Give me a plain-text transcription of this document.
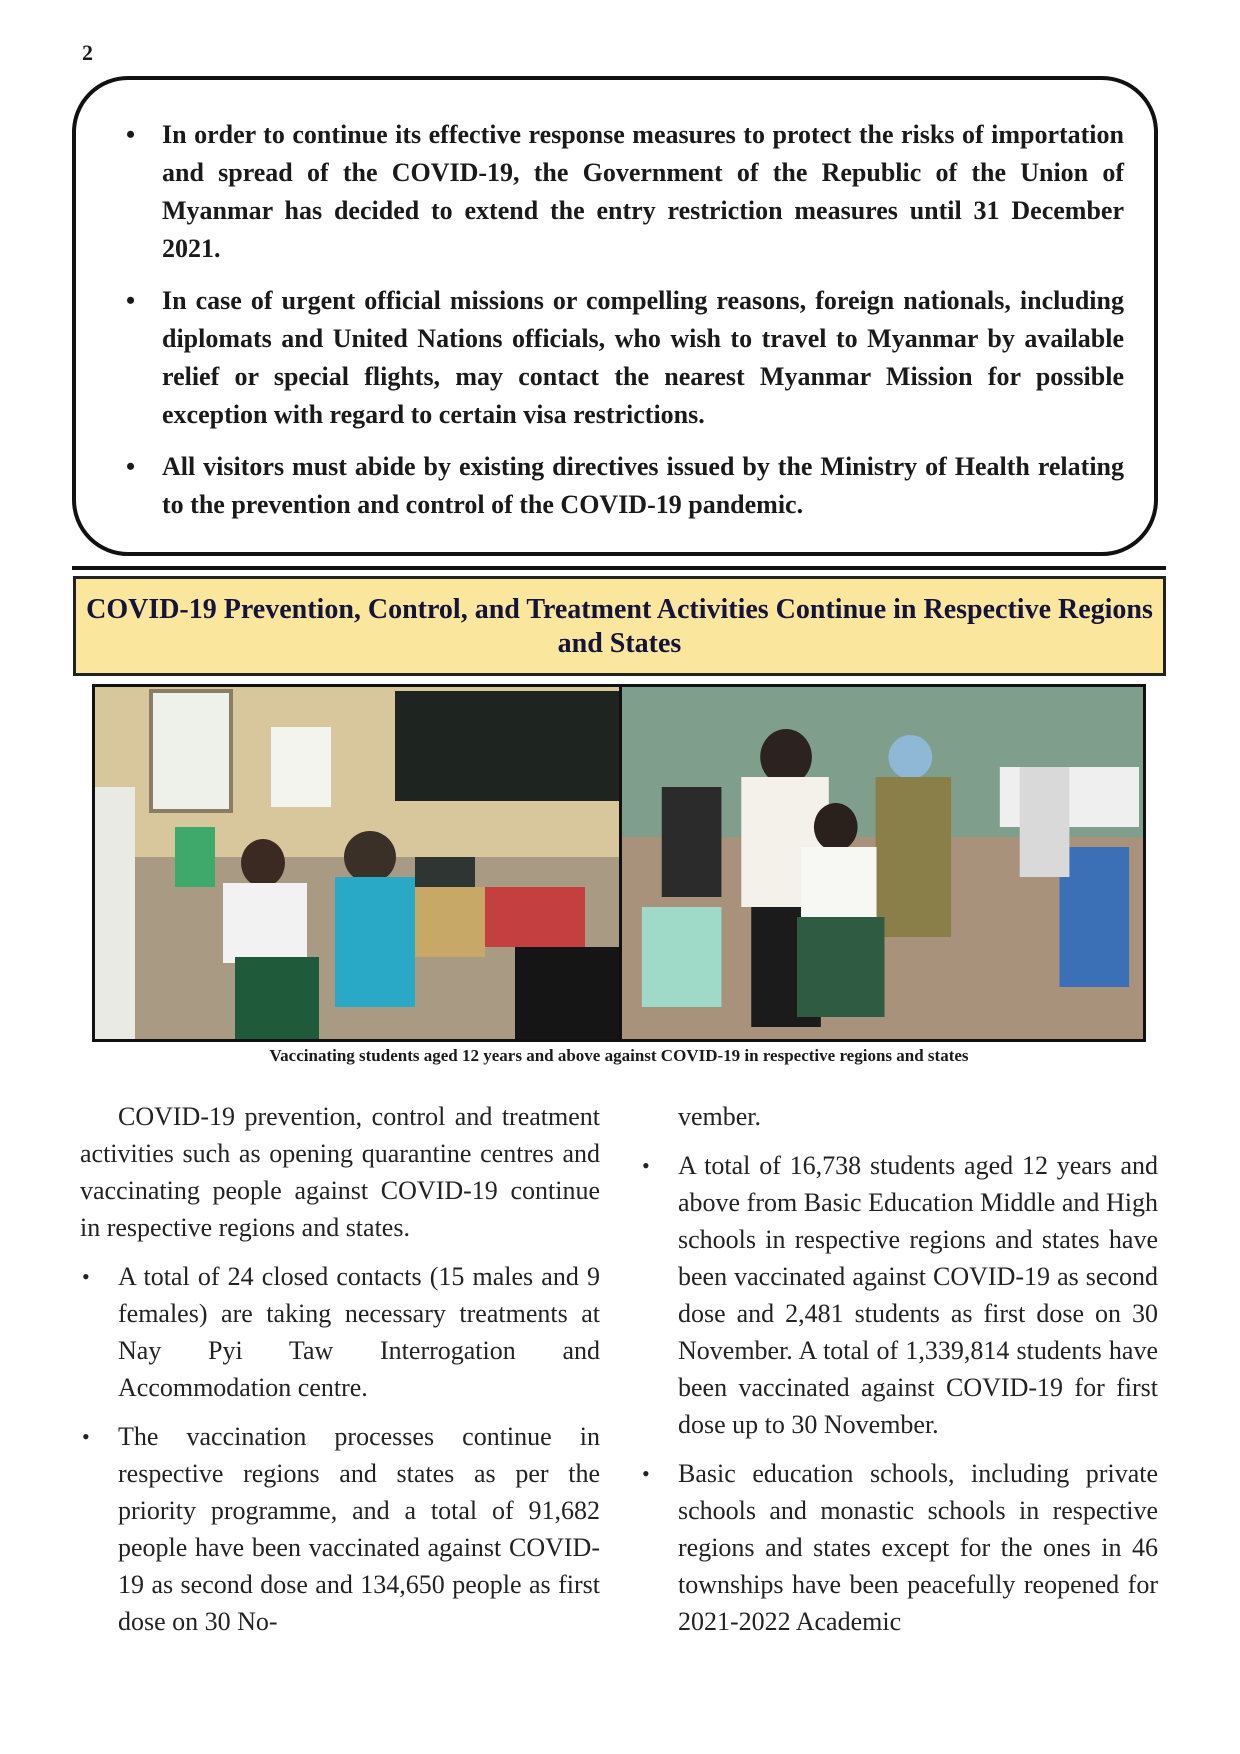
2
• In order to continue its effective response measures to protect the risks of importation and spread of the COVID-19, the Government of the Republic of the Union of Myanmar has decided to extend the entry restriction measures until 31 December 2021.
• In case of urgent official missions or compelling reasons, foreign nationals, including diplomats and United Nations officials, who wish to travel to Myanmar by available relief or special flights, may contact the nearest Myanmar Mission for possible exception with regard to certain visa restrictions.
• All visitors must abide by existing directives issued by the Ministry of Health relating to the prevention and control of the COVID-19 pandemic.
COVID-19 Prevention, Control, and Treatment Activities Continue in Respective Regions and States
Vaccinating students aged 12 years and above against COVID-19 in respective regions and states

COVID-19 prevention, control and treatment activities such as opening quarantine centres and vaccinating people against COVID-19 continue in respective regions and states.

• A total of 24 closed contacts (15 males and 9 females) are taking necessary treatments at Nay Pyi Taw Interrogation and Accommodation centre.
• The vaccination processes continue in respective regions and states as per the priority programme, and a total of 91,682 people have been vaccinated against COVID-19 as second dose and 134,650 people as first dose on 30 No-

vember.

• A total of 16,738 students aged 12 years and above from Basic Education Middle and High schools in respective regions and states have been vaccinated against COVID-19 as second dose and 2,481 students as first dose on 30 November. A total of 1,339,814 students have been vaccinated against COVID-19 for first dose up to 30 November.
• Basic education schools, including private schools and monastic schools in respective regions and states except for the ones in 46 townships have been peacefully reopened for 2021-2022 Academic
